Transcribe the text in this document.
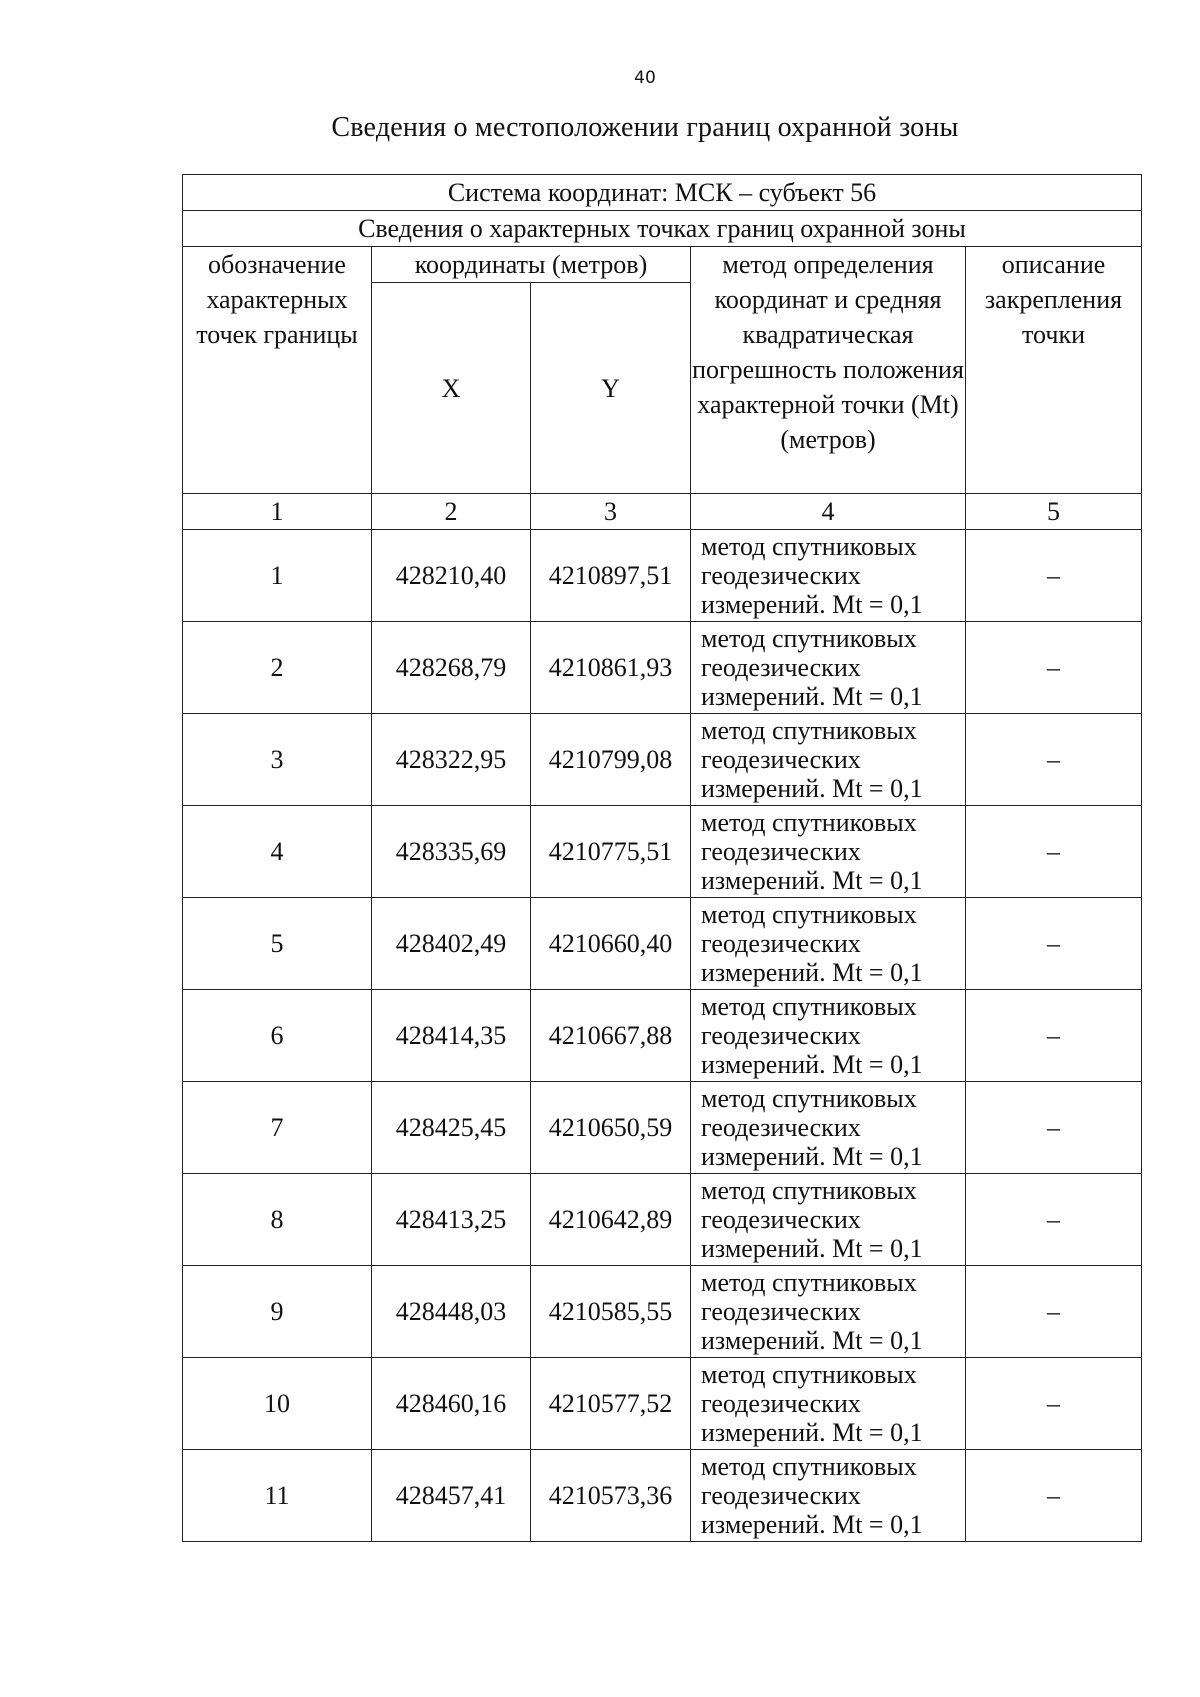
40
Сведения о местоположении границ охранной зоны
Система координат: МСК – субъект 56				
Сведения о характерных точках границ охранной зоны				
обозначение характерных точек границы	координаты (метров)		метод определения координат и средняя квадратическая погрешность положения характерной точки (Mt) (метров)	описание закрепления точки
	X	Y		
1	2	3	4	5
1	428210,40	4210897,51	метод спутниковых геодезических измерений. Mt = 0,1	–
2	428268,79	4210861,93	метод спутниковых геодезических измерений. Mt = 0,1	–
3	428322,95	4210799,08	метод спутниковых геодезических измерений. Mt = 0,1	–
4	428335,69	4210775,51	метод спутниковых геодезических измерений. Mt = 0,1	–
5	428402,49	4210660,40	метод спутниковых геодезических измерений. Mt = 0,1	–
6	428414,35	4210667,88	метод спутниковых геодезических измерений. Mt = 0,1	–
7	428425,45	4210650,59	метод спутниковых геодезических измерений. Mt = 0,1	–
8	428413,25	4210642,89	метод спутниковых геодезических измерений. Mt = 0,1	–
9	428448,03	4210585,55	метод спутниковых геодезических измерений. Mt = 0,1	–
10	428460,16	4210577,52	метод спутниковых геодезических измерений. Mt = 0,1	–
11	428457,41	4210573,36	метод спутниковых геодезических измерений. Mt = 0,1	–
